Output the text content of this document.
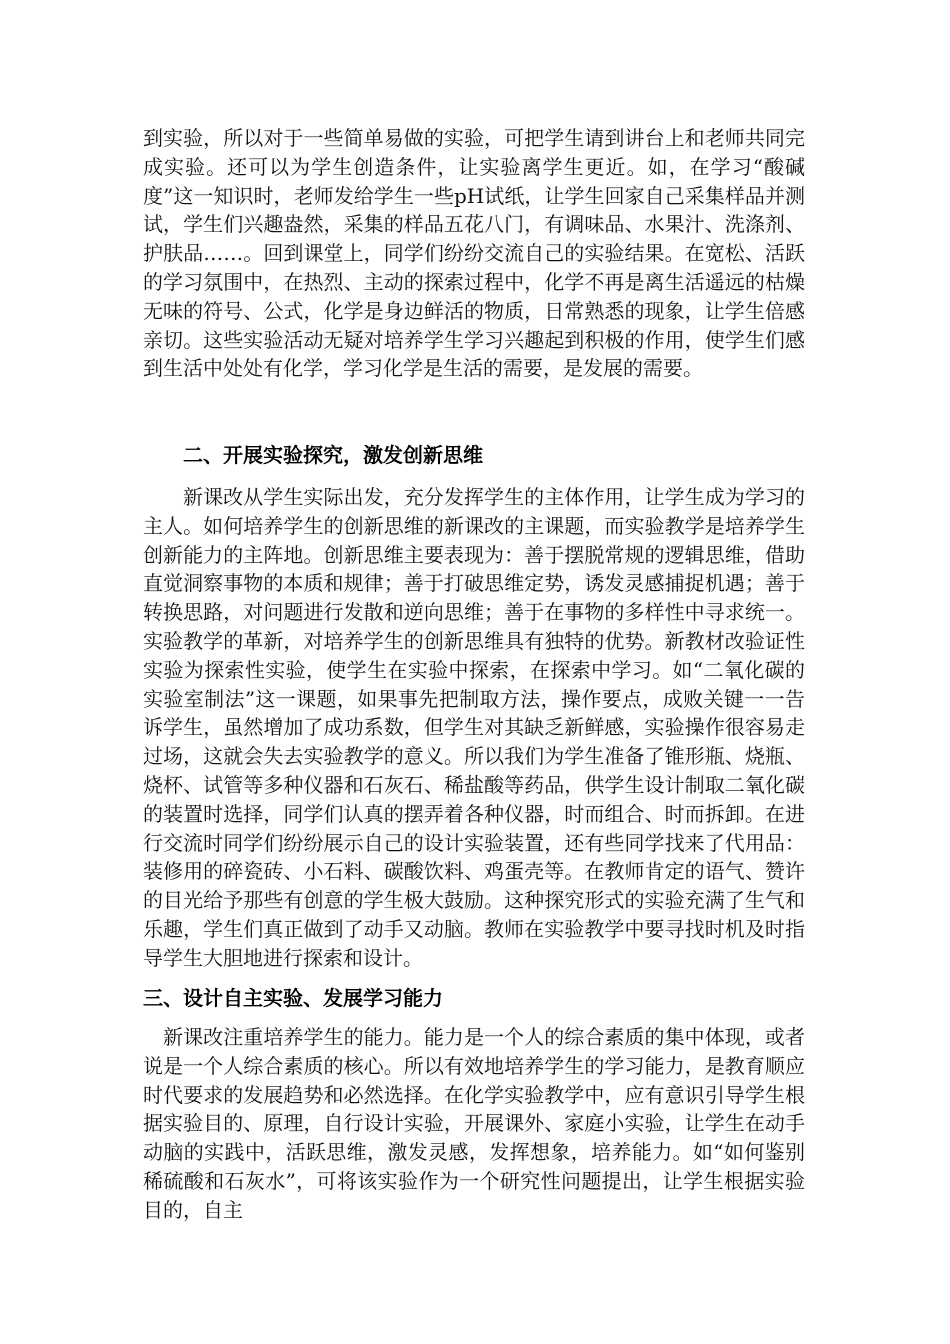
到实验，所以对于一些简单易做的实验，可把学生请到讲台上和老师共同完成实验。还可以为学生创造条件，让实验离学生更近。如，在学习“酸碱度”这一知识时，老师发给学生一些pH试纸，让学生回家自己采集样品并测试，学生们兴趣盎然，采集的样品五花八门，有调味品、水果汁、洗涤剂、护肤品……。回到课堂上，同学们纷纷交流自己的实验结果。在宽松、活跃的学习氛围中，在热烈、主动的探索过程中，化学不再是离生活遥远的枯燥无味的符号、公式，化学是身边鲜活的物质，日常熟悉的现象，让学生倍感亲切。这些实验活动无疑对培养学生学习兴趣起到积极的作用，使学生们感到生活中处处有化学，学习化学是生活的需要，是发展的需要。

二、开展实验探究，激发创新思维

新课改从学生实际出发，充分发挥学生的主体作用，让学生成为学习的主人。如何培养学生的创新思维的新课改的主课题，而实验教学是培养学生创新能力的主阵地。创新思维主要表现为：善于摆脱常规的逻辑思维，借助直觉洞察事物的本质和规律；善于打破思维定势，诱发灵感捕捉机遇；善于转换思路，对问题进行发散和逆向思维；善于在事物的多样性中寻求统一。实验教学的革新，对培养学生的创新思维具有独特的优势。新教材改验证性实验为探索性实验，使学生在实验中探索，在探索中学习。如“二氧化碳的实验室制法”这一课题，如果事先把制取方法，操作要点，成败关键一一告诉学生，虽然增加了成功系数，但学生对其缺乏新鲜感，实验操作很容易走过场，这就会失去实验教学的意义。所以我们为学生准备了锥形瓶、烧瓶、烧杯、试管等多种仪器和石灰石、稀盐酸等药品，供学生设计制取二氧化碳的装置时选择，同学们认真的摆弄着各种仪器，时而组合、时而拆卸。在进行交流时同学们纷纷展示自己的设计实验装置，还有些同学找来了代用品：装修用的碎瓷砖、小石料、碳酸饮料、鸡蛋壳等。在教师肯定的语气、赞许的目光给予那些有创意的学生极大鼓励。这种探究形式的实验充满了生气和乐趣，学生们真正做到了动手又动脑。教师在实验教学中要寻找时机及时指导学生大胆地进行探索和设计。

三、设计自主实验、发展学习能力

新课改注重培养学生的能力。能力是一个人的综合素质的集中体现，或者说是一个人综合素质的核心。所以有效地培养学生的学习能力，是教育顺应时代要求的发展趋势和必然选择。在化学实验教学中，应有意识引导学生根据实验目的、原理，自行设计实验，开展课外、家庭小实验，让学生在动手动脑的实践中，活跃思维，激发灵感，发挥想象，培养能力。如“如何鉴别稀硫酸和石灰水”，可将该实验作为一个研究性问题提出，让学生根据实验目的，自主
